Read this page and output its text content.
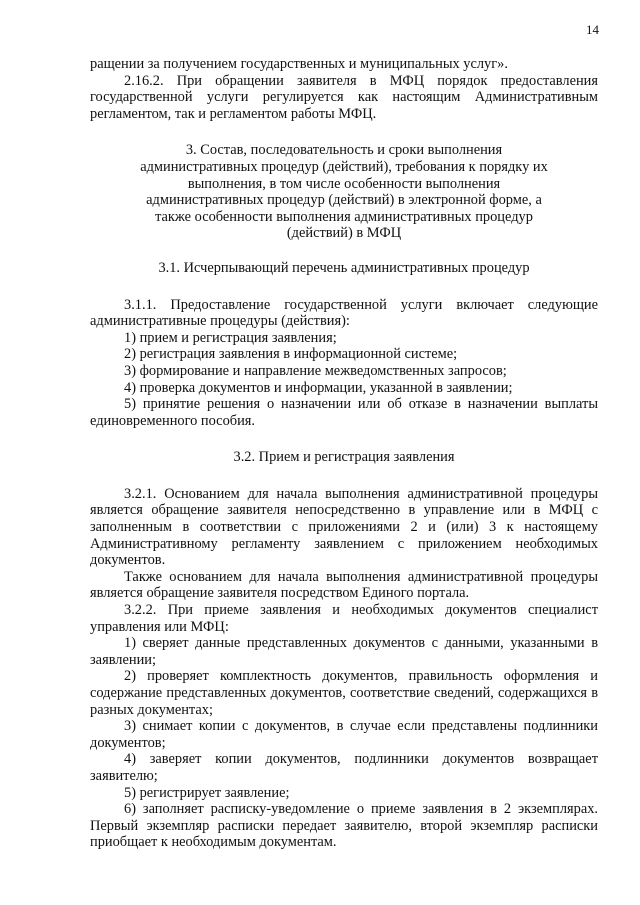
14

ращении за получением государственных и муниципальных услуг».

2.16.2. При обращении заявителя в МФЦ порядок предоставления государственной услуги регулируется как настоящим Административным регламентом, так и регламентом работы МФЦ.

3. Состав, последовательность и сроки выполнения административных процедур (действий), требования к порядку их выполнения, в том числе особенности выполнения административных процедур (действий) в электронной форме, а также особенности выполнения административных процедур (действий) в МФЦ

3.1. Исчерпывающий перечень административных процедур

3.1.1. Предоставление государственной услуги включает следующие административные процедуры (действия):

1) прием и регистрация заявления;

2) регистрация заявления в информационной системе;

3) формирование и направление межведомственных запросов;

4) проверка документов и информации, указанной в заявлении;

5) принятие решения о назначении или об отказе в назначении выплаты единовременного пособия.

3.2. Прием и регистрация заявления

3.2.1. Основанием для начала выполнения административной процедуры является обращение заявителя непосредственно в управление или в МФЦ с заполненным в соответствии с приложениями 2 и (или) 3 к настоящему Административному регламенту заявлением с приложением необходимых документов.

Также основанием для начала выполнения административной процедуры является обращение заявителя посредством Единого портала.

3.2.2. При приеме заявления и необходимых документов специалист управления или МФЦ:

1) сверяет данные представленных документов с данными, указанными в заявлении;

2) проверяет комплектность документов, правильность оформления и содержание представленных документов, соответствие сведений, содержащихся в разных документах;

3) снимает копии с документов, в случае если представлены подлинники документов;

4) заверяет копии документов, подлинники документов возвращает заявителю;

5) регистрирует заявление;

6) заполняет расписку-уведомление о приеме заявления в 2 экземплярах. Первый экземпляр расписки передает заявителю, второй экземпляр расписки приобщает к необходимым документам.
